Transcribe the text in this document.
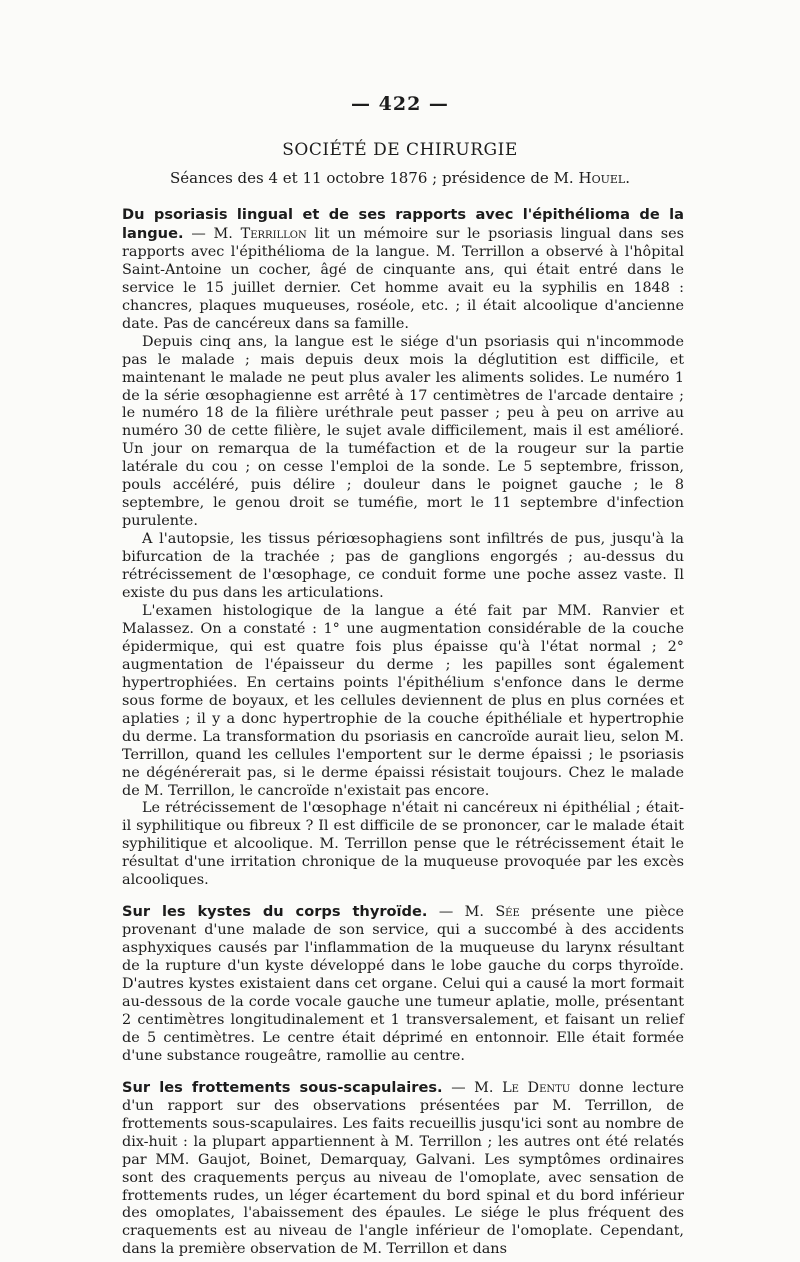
— 422 —
SOCIÉTÉ DE CHIRURGIE
Séances des 4 et 11 octobre 1876 ; présidence de M. Houel.

Du psoriasis lingual et de ses rapports avec l'épithélioma de la langue. — M. Terrillon lit un mémoire sur le psoriasis lingual dans ses rapports avec l'épithélioma de la langue. M. Terrillon a observé à l'hôpital Saint-Antoine un cocher, âgé de cinquante ans, qui était entré dans le service le 15 juillet dernier. Cet homme avait eu la syphilis en 1848 : chancres, plaques muqueuses, roséole, etc. ; il était alcoolique d'ancienne date. Pas de cancéreux dans sa famille.

Depuis cinq ans, la langue est le siége d'un psoriasis qui n'incommode pas le malade ; mais depuis deux mois la déglutition est difficile, et maintenant le malade ne peut plus avaler les aliments solides. Le numéro 1 de la série œsophagienne est arrêté à 17 centimètres de l'arcade dentaire ; le numéro 18 de la filière uréthrale peut passer ; peu à peu on arrive au numéro 30 de cette filière, le sujet avale difficilement, mais il est amélioré. Un jour on remarqua de la tuméfaction et de la rougeur sur la partie latérale du cou ; on cesse l'emploi de la sonde. Le 5 septembre, frisson, pouls accéléré, puis délire ; douleur dans le poignet gauche ; le 8 septembre, le genou droit se tuméfie, mort le 11 septembre d'infection purulente.

A l'autopsie, les tissus périœsophagiens sont infiltrés de pus, jusqu'à la bifurcation de la trachée ; pas de ganglions engorgés ; au-dessus du rétrécissement de l'œsophage, ce conduit forme une poche assez vaste. Il existe du pus dans les articulations.

L'examen histologique de la langue a été fait par MM. Ranvier et Malassez. On a constaté : 1° une augmentation considérable de la couche épidermique, qui est quatre fois plus épaisse qu'à l'état normal ; 2° augmentation de l'épaisseur du derme ; les papilles sont également hypertrophiées. En certains points l'épithélium s'enfonce dans le derme sous forme de boyaux, et les cellules deviennent de plus en plus cornées et aplaties ; il y a donc hypertrophie de la couche épithéliale et hypertrophie du derme. La transformation du psoriasis en cancroïde aurait lieu, selon M. Terrillon, quand les cellules l'emportent sur le derme épaissi ; le psoriasis ne dégénérerait pas, si le derme épaissi résistait toujours. Chez le malade de M. Terrillon, le cancroïde n'existait pas encore.

Le rétrécissement de l'œsophage n'était ni cancéreux ni épithélial ; était-il syphilitique ou fibreux ? Il est difficile de se prononcer, car le malade était syphilitique et alcoolique. M. Terrillon pense que le rétrécissement était le résultat d'une irritation chronique de la muqueuse provoquée par les excès alcooliques.

Sur les kystes du corps thyroïde. — M. Sée présente une pièce provenant d'une malade de son service, qui a succombé à des accidents asphyxiques causés par l'inflammation de la muqueuse du larynx résultant de la rupture d'un kyste développé dans le lobe gauche du corps thyroïde. D'autres kystes existaient dans cet organe. Celui qui a causé la mort formait au-dessous de la corde vocale gauche une tumeur aplatie, molle, présentant 2 centimètres longitudinalement et 1 transversalement, et faisant un relief de 5 centimètres. Le centre était déprimé en entonnoir. Elle était formée d'une substance rougeâtre, ramollie au centre.

Sur les frottements sous-scapulaires. — M. Le Dentu donne lecture d'un rapport sur des observations présentées par M. Terrillon, de frottements sous-scapulaires. Les faits recueillis jusqu'ici sont au nombre de dix-huit : la plupart appartiennent à M. Terrillon ; les autres ont été relatés par MM. Gaujot, Boinet, Demarquay, Galvani. Les symptômes ordinaires sont des craquements perçus au niveau de l'omoplate, avec sensation de frottements rudes, un léger écartement du bord spinal et du bord inférieur des omoplates, l'abaissement des épaules. Le siége le plus fréquent des craquements est au niveau de l'angle inférieur de l'omoplate. Cependant, dans la première observation de M. Terrillon et dans
